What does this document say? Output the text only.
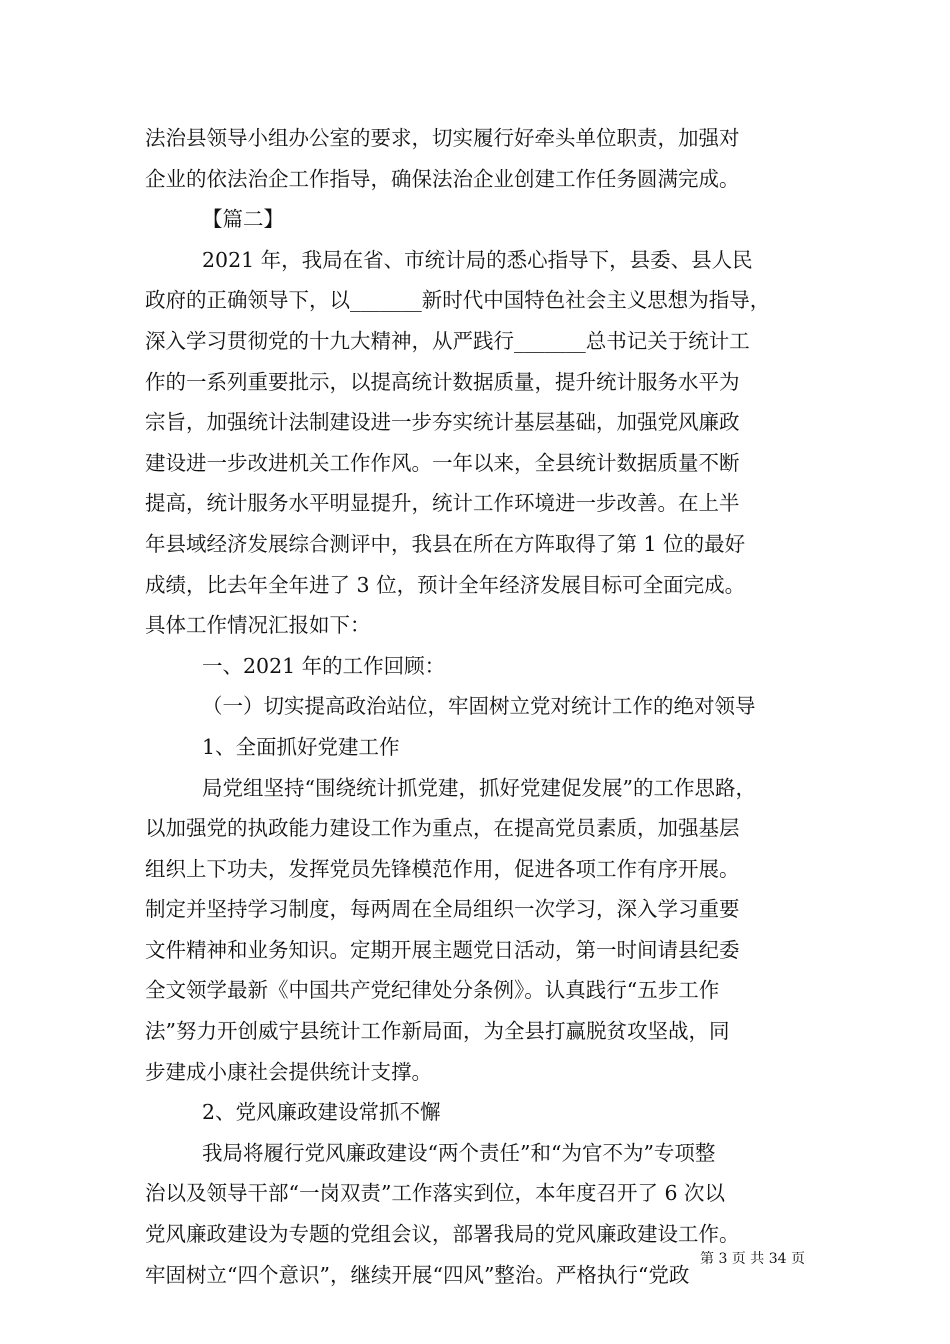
法治县领导小组办公室的要求，切实履行好牵头单位职责，加强对
企业的依法治企工作指导，确保法治企业创建工作任务圆满完成。
【篇二】
2021 年，我局在省、市统计局的悉心指导下，县委、县人民
政府的正确领导下，以_______新时代中国特色社会主义思想为指导，
深入学习贯彻党的十九大精神，从严践行_______总书记关于统计工
作的一系列重要批示，以提高统计数据质量，提升统计服务水平为
宗旨，加强统计法制建设进一步夯实统计基层基础，加强党风廉政
建设进一步改进机关工作作风。一年以来，全县统计数据质量不断
提高，统计服务水平明显提升，统计工作环境进一步改善。在上半
年县域经济发展综合测评中，我县在所在方阵取得了第 1 位的最好
成绩，比去年全年进了 3 位，预计全年经济发展目标可全面完成。
具体工作情况汇报如下：
一、2021 年的工作回顾：
（一）切实提高政治站位，牢固树立党对统计工作的绝对领导
1、全面抓好党建工作
局党组坚持“围绕统计抓党建，抓好党建促发展”的工作思路，
以加强党的执政能力建设工作为重点，在提高党员素质，加强基层
组织上下功夫，发挥党员先锋模范作用，促进各项工作有序开展。
制定并坚持学习制度，每两周在全局组织一次学习，深入学习重要
文件精神和业务知识。定期开展主题党日活动，第一时间请县纪委
全文领学最新《中国共产党纪律处分条例》。认真践行“五步工作
法”努力开创威宁县统计工作新局面，为全县打赢脱贫攻坚战，同
步建成小康社会提供统计支撑。
2、党风廉政建设常抓不懈
我局将履行党风廉政建设“两个责任”和“为官不为”专项整
治以及领导干部“一岗双责”工作落实到位，本年度召开了 6 次以
党风廉政建设为专题的党组会议，部署我局的党风廉政建设工作。
牢固树立“四个意识”，继续开展“四风”整治。严格执行“党政
第 3 页 共 34 页
